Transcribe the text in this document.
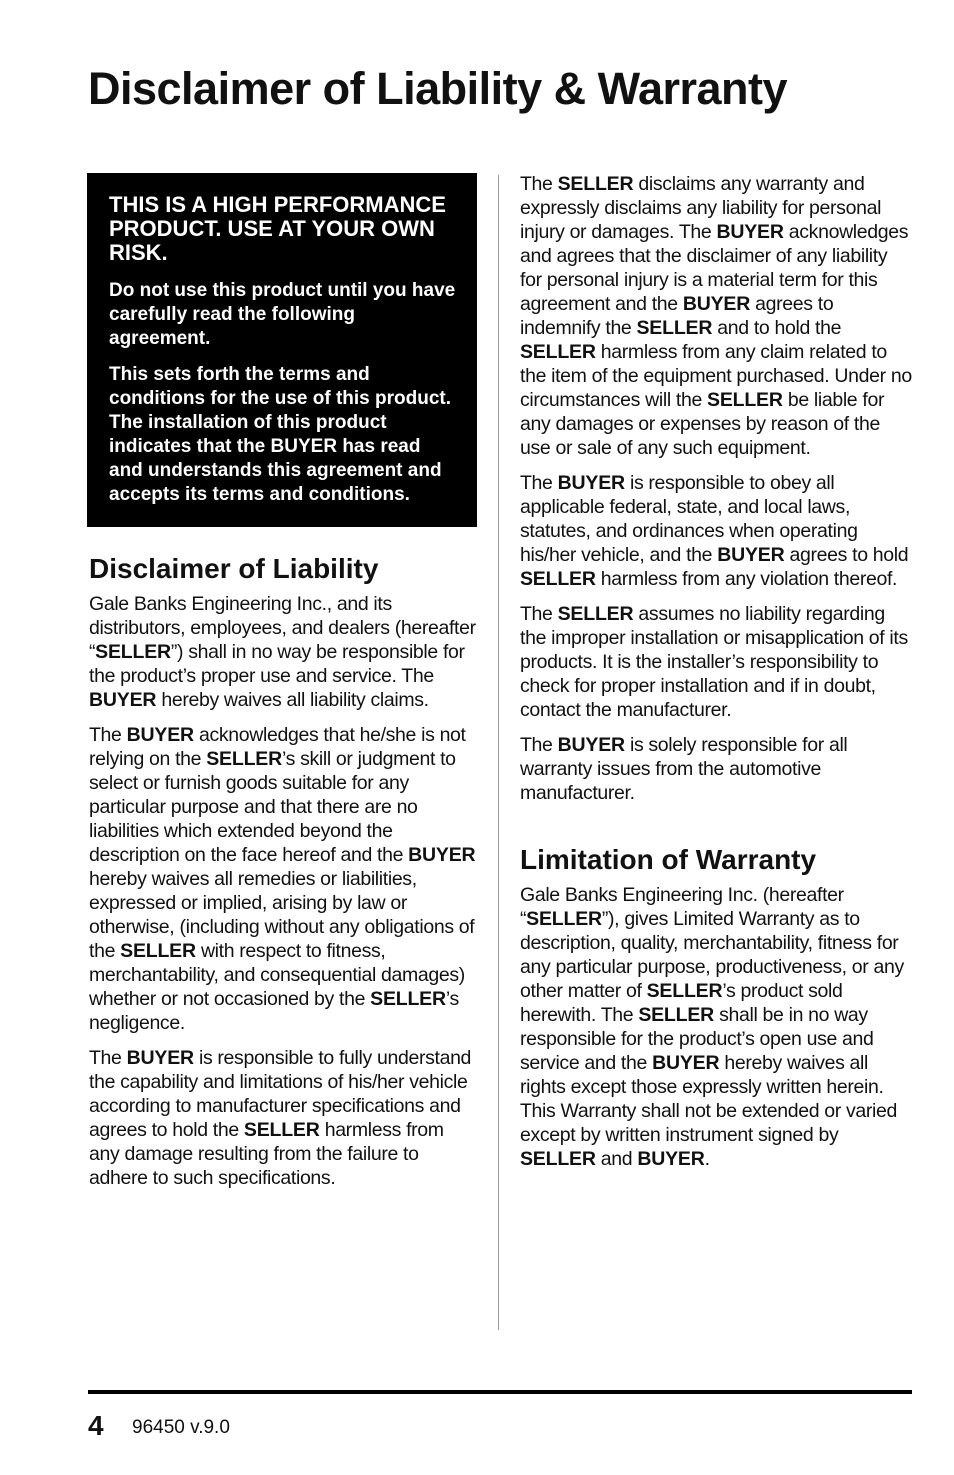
Disclaimer of Liability & Warranty

THIS IS A HIGH PERFORMANCE PRODUCT. USE AT YOUR OWN RISK.

Do not use this product until you have carefully read the following agreement.

This sets forth the terms and conditions for the use of this product. The installation of this product indicates that the BUYER has read and understands this agreement and accepts its terms and conditions.

Disclaimer of Liability

Gale Banks Engineering Inc., and its distributors, employees, and dealers (hereafter “SELLER”) shall in no way be responsible for the product’s proper use and service. The BUYER hereby waives all liability claims.

The BUYER acknowledges that he/she is not relying on the SELLER’s skill or judgment to select or furnish goods suitable for any particular purpose and that there are no liabilities which extended beyond the description on the face hereof and the BUYER hereby waives all remedies or liabilities, expressed or implied, arising by law or otherwise, (including without any obligations of the SELLER with respect to fitness, merchantability, and consequential damages) whether or not occasioned by the SELLER’s negligence.

The BUYER is responsible to fully understand the capability and limitations of his/her vehicle according to manufacturer specifications and agrees to hold the SELLER harmless from any damage resulting from the failure to adhere to such specifications.

The SELLER disclaims any warranty and expressly disclaims any liability for personal injury or damages. The BUYER acknowledges and agrees that the disclaimer of any liability for personal injury is a material term for this agreement and the BUYER agrees to indemnify the SELLER and to hold the SELLER harmless from any claim related to the item of the equipment purchased. Under no circumstances will the SELLER be liable for any damages or expenses by reason of the use or sale of any such equipment.

The BUYER is responsible to obey all applicable federal, state, and local laws, statutes, and ordinances when operating his/her vehicle, and the BUYER agrees to hold SELLER harmless from any violation thereof.

The SELLER assumes no liability regarding the improper installation or misapplication of its products. It is the installer’s responsibility to check for proper installation and if in doubt, contact the manufacturer.

The BUYER is solely responsible for all warranty issues from the automotive manufacturer.

Limitation of Warranty

Gale Banks Engineering Inc. (hereafter “SELLER”), gives Limited Warranty as to description, quality, merchantability, fitness for any particular purpose, productiveness, or any other matter of SELLER’s product sold herewith. The SELLER shall be in no way responsible for the product’s open use and service and the BUYER hereby waives all rights except those expressly written herein. This Warranty shall not be extended or varied except by written instrument signed by SELLER and BUYER.

4 96450 v.9.0
